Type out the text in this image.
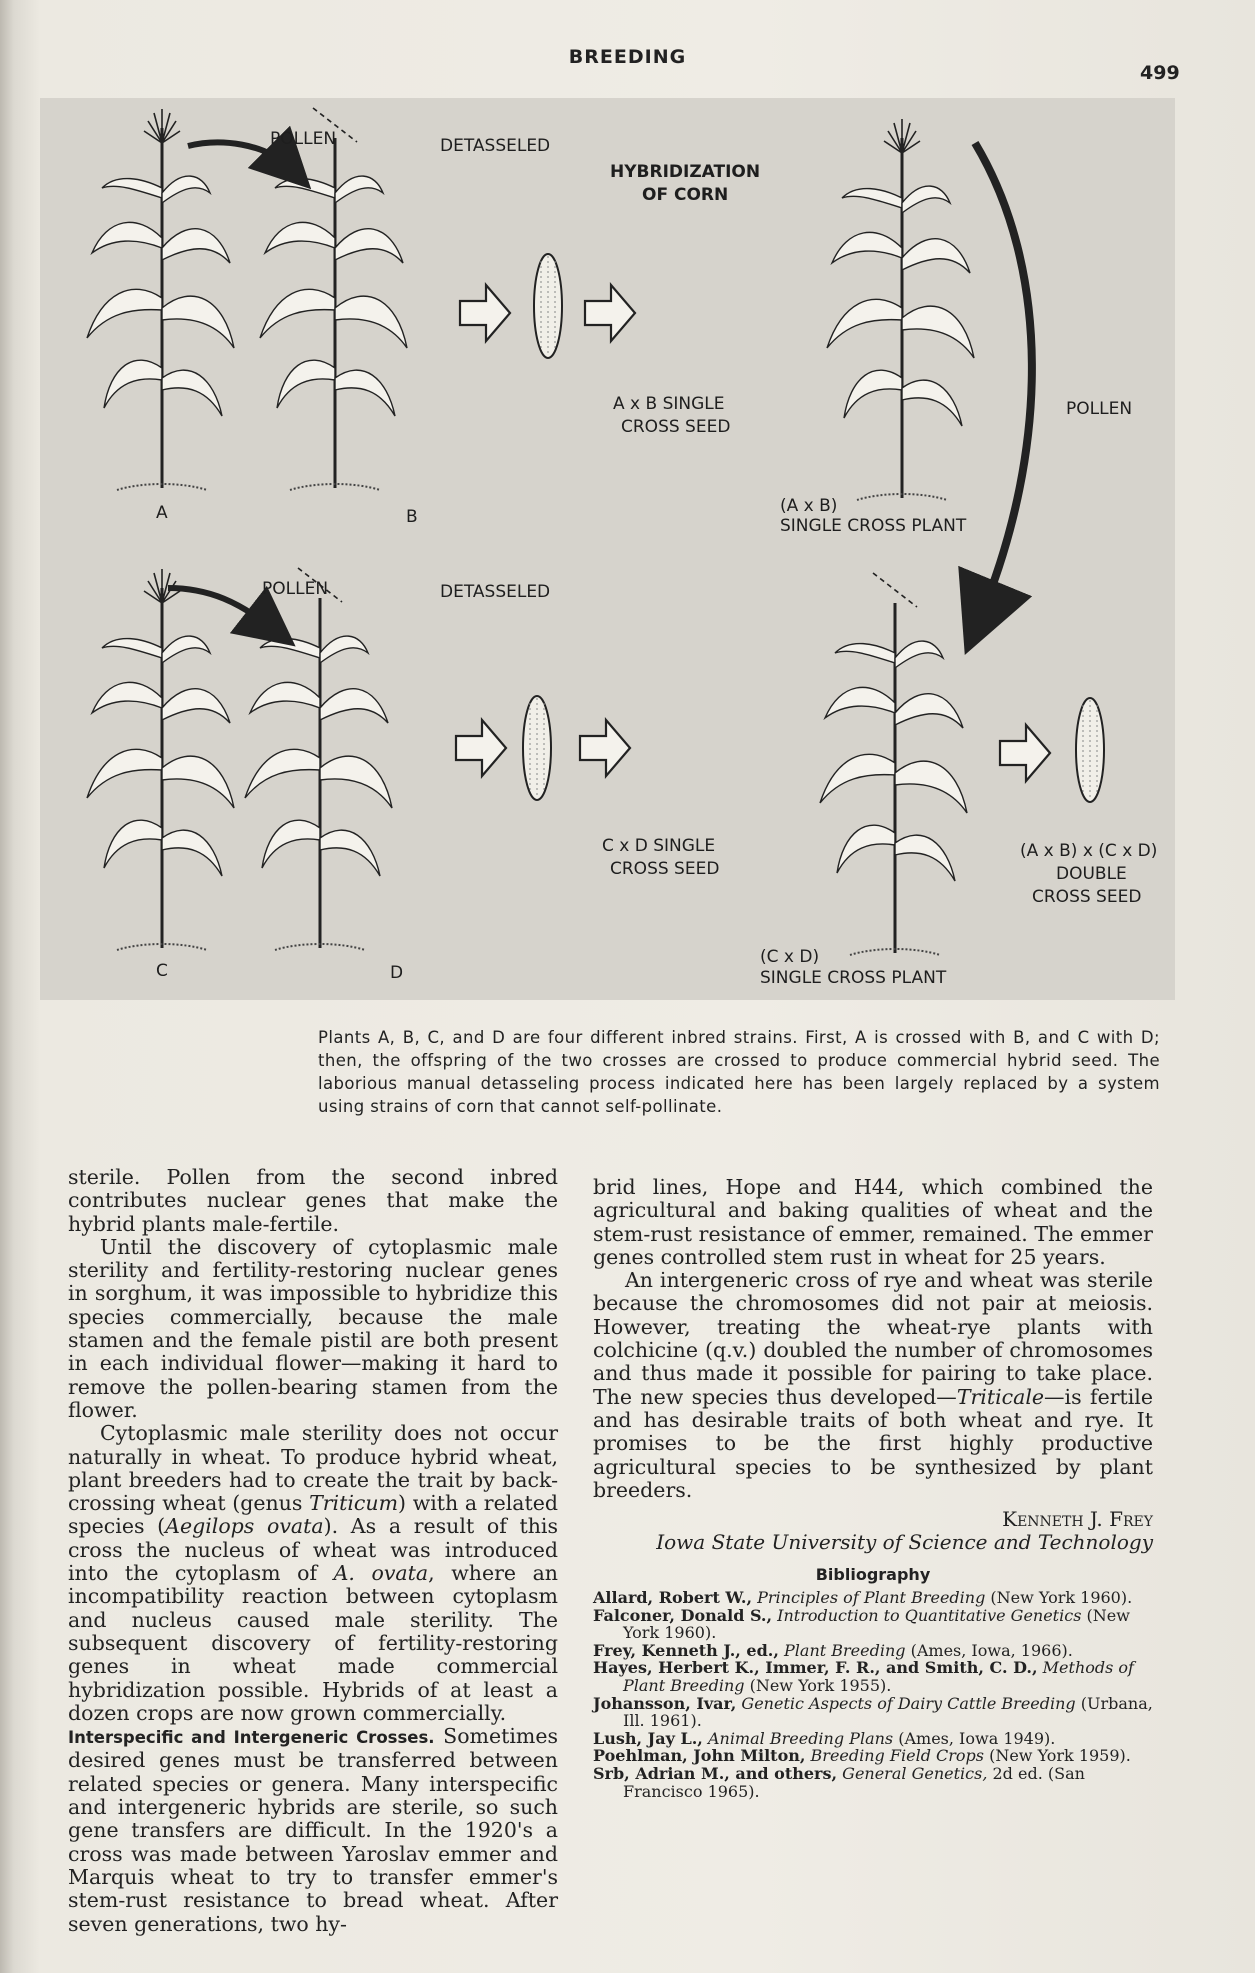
BREEDING
499
POLLEN	DETASSELED
HYBRIDIZATION
OF CORN
A	B
A x B SINGLE
CROSS SEED
POLLEN
(A x B)
SINGLE CROSS PLANT
POLLEN	DETASSELED
C x D SINGLE
CROSS SEED
(A x B) x (C x D)
DOUBLE
CROSS SEED
C	D
(C x D)
SINGLE CROSS PLANT
Plants A, B, C, and D are four different inbred strains. First, A is crossed with B, and C with D; then, the offspring of the two crosses are crossed to produce commercial hybrid seed. The laborious manual detasseling process indicated here has been largely replaced by a system using strains of corn that cannot self-pollinate.

sterile. Pollen from the second inbred contributes nuclear genes that make the hybrid plants male-fertile.

Until the discovery of cytoplasmic male sterility and fertility-restoring nuclear genes in sorghum, it was impossible to hybridize this species commercially, because the male stamen and the female pistil are both present in each individual flower—making it hard to remove the pollen-bearing stamen from the flower.

Cytoplasmic male sterility does not occur naturally in wheat. To produce hybrid wheat, plant breeders had to create the trait by back-crossing wheat (genus Triticum) with a related species (Aegilops ovata). As a result of this cross the nucleus of wheat was introduced into the cytoplasm of A. ovata, where an incompatibility reaction between cytoplasm and nucleus caused male sterility. The subsequent discovery of fertility-restoring genes in wheat made commercial hybridization possible. Hybrids of at least a dozen crops are now grown commercially.

Interspecific and Intergeneric Crosses. Sometimes desired genes must be transferred between related species or genera. Many interspecific and intergeneric hybrids are sterile, so such gene transfers are difficult. In the 1920's a cross was made between Yaroslav emmer and Marquis wheat to try to transfer emmer's stem-rust resistance to bread wheat. After seven generations, two hy-

brid lines, Hope and H44, which combined the agricultural and baking qualities of wheat and the stem-rust resistance of emmer, remained. The emmer genes controlled stem rust in wheat for 25 years.

An intergeneric cross of rye and wheat was sterile because the chromosomes did not pair at meiosis. However, treating the wheat-rye plants with colchicine (q.v.) doubled the number of chromosomes and thus made it possible for pairing to take place. The new species thus developed—Triticale—is fertile and has desirable traits of both wheat and rye. It promises to be the first highly productive agricultural species to be synthesized by plant breeders.

Kenneth J. Frey
Iowa State University of Science and Technology
Bibliography
Allard, Robert W., Principles of Plant Breeding (New York 1960).
Falconer, Donald S., Introduction to Quantitative Genetics (New York 1960).
Frey, Kenneth J., ed., Plant Breeding (Ames, Iowa, 1966).
Hayes, Herbert K., Immer, F. R., and Smith, C. D., Methods of Plant Breeding (New York 1955).
Johansson, Ivar, Genetic Aspects of Dairy Cattle Breeding (Urbana, Ill. 1961).
Lush, Jay L., Animal Breeding Plans (Ames, Iowa 1949).
Poehlman, John Milton, Breeding Field Crops (New York 1959).
Srb, Adrian M., and others, General Genetics, 2d ed. (San Francisco 1965).
